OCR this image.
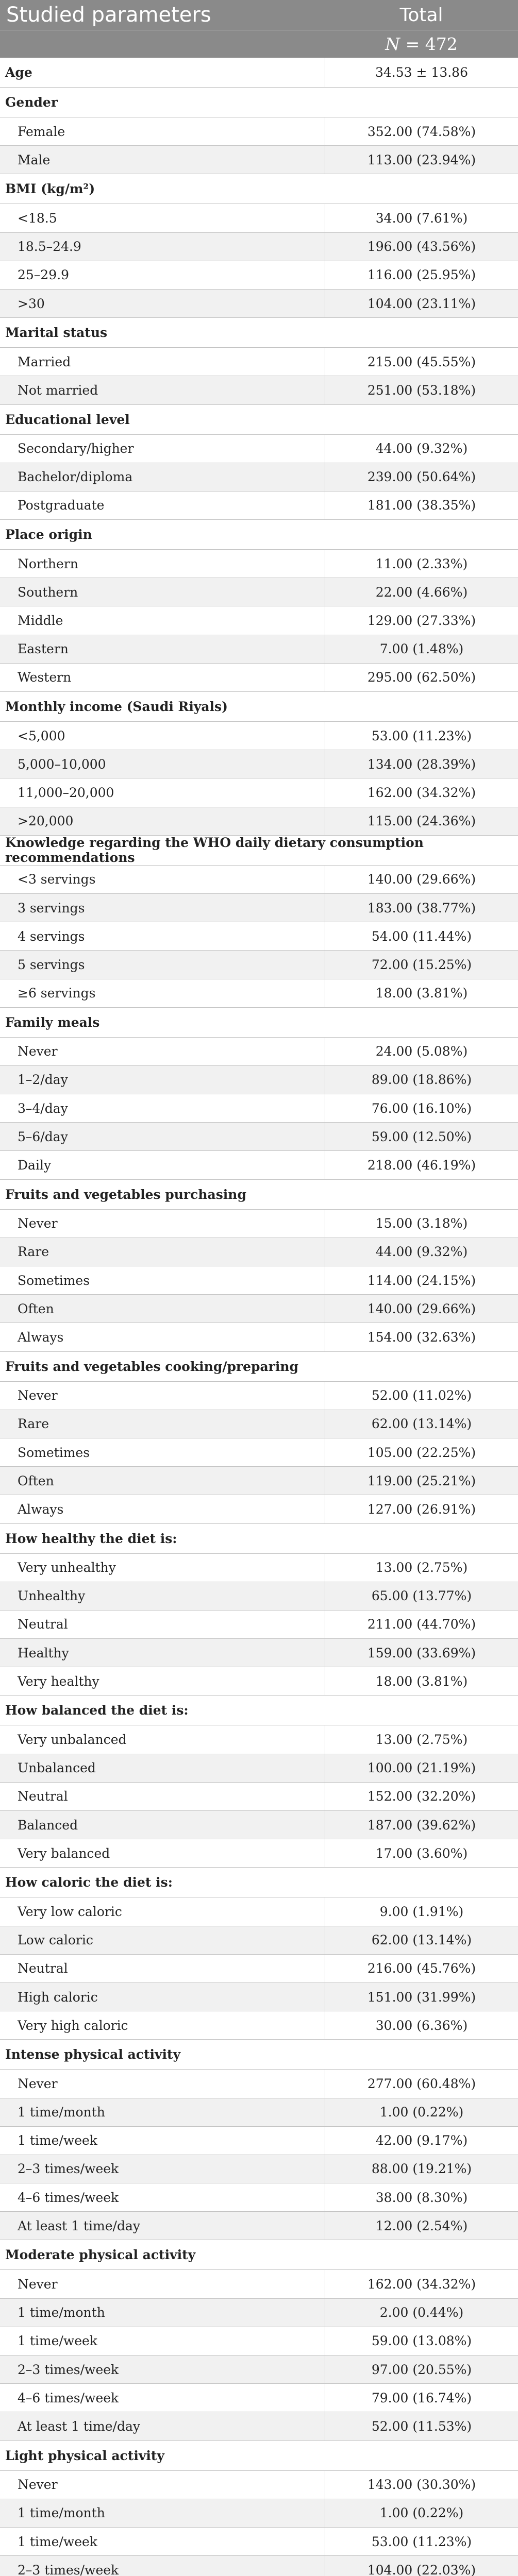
Studied parameters	Total
N = 472
Age	34.53 ± 13.86
Gender
Female	352.00 (74.58%)
Male	113.00 (23.94%)
BMI (kg/m²)
<18.5	34.00 (7.61%)
18.5–24.9	196.00 (43.56%)
25–29.9	116.00 (25.95%)
>30	104.00 (23.11%)
Marital status
Married	215.00 (45.55%)
Not married	251.00 (53.18%)
Educational level
Secondary/higher	44.00 (9.32%)
Bachelor/diploma	239.00 (50.64%)
Postgraduate	181.00 (38.35%)
Place origin
Northern	11.00 (2.33%)
Southern	22.00 (4.66%)
Middle	129.00 (27.33%)
Eastern	7.00 (1.48%)
Western	295.00 (62.50%)
Monthly income (Saudi Riyals)
<5,000	53.00 (11.23%)
5,000–10,000	134.00 (28.39%)
11,000–20,000	162.00 (34.32%)
>20,000	115.00 (24.36%)
Knowledge regarding the WHO daily dietary consumption recommendations
<3 servings	140.00 (29.66%)
3 servings	183.00 (38.77%)
4 servings	54.00 (11.44%)
5 servings	72.00 (15.25%)
≥6 servings	18.00 (3.81%)
Family meals
Never	24.00 (5.08%)
1–2/day	89.00 (18.86%)
3–4/day	76.00 (16.10%)
5–6/day	59.00 (12.50%)
Daily	218.00 (46.19%)
Fruits and vegetables purchasing
Never	15.00 (3.18%)
Rare	44.00 (9.32%)
Sometimes	114.00 (24.15%)
Often	140.00 (29.66%)
Always	154.00 (32.63%)
Fruits and vegetables cooking/preparing
Never	52.00 (11.02%)
Rare	62.00 (13.14%)
Sometimes	105.00 (22.25%)
Often	119.00 (25.21%)
Always	127.00 (26.91%)
How healthy the diet is:
Very unhealthy	13.00 (2.75%)
Unhealthy	65.00 (13.77%)
Neutral	211.00 (44.70%)
Healthy	159.00 (33.69%)
Very healthy	18.00 (3.81%)
How balanced the diet is:
Very unbalanced	13.00 (2.75%)
Unbalanced	100.00 (21.19%)
Neutral	152.00 (32.20%)
Balanced	187.00 (39.62%)
Very balanced	17.00 (3.60%)
How caloric the diet is:
Very low caloric	9.00 (1.91%)
Low caloric	62.00 (13.14%)
Neutral	216.00 (45.76%)
High caloric	151.00 (31.99%)
Very high caloric	30.00 (6.36%)
Intense physical activity
Never	277.00 (60.48%)
1 time/month	1.00 (0.22%)
1 time/week	42.00 (9.17%)
2–3 times/week	88.00 (19.21%)
4–6 times/week	38.00 (8.30%)
At least 1 time/day	12.00 (2.54%)
Moderate physical activity
Never	162.00 (34.32%)
1 time/month	2.00 (0.44%)
1 time/week	59.00 (13.08%)
2–3 times/week	97.00 (20.55%)
4–6 times/week	79.00 (16.74%)
At least 1 time/day	52.00 (11.53%)
Light physical activity
Never	143.00 (30.30%)
1 time/month	1.00 (0.22%)
1 time/week	53.00 (11.23%)
2–3 times/week	104.00 (22.03%)
